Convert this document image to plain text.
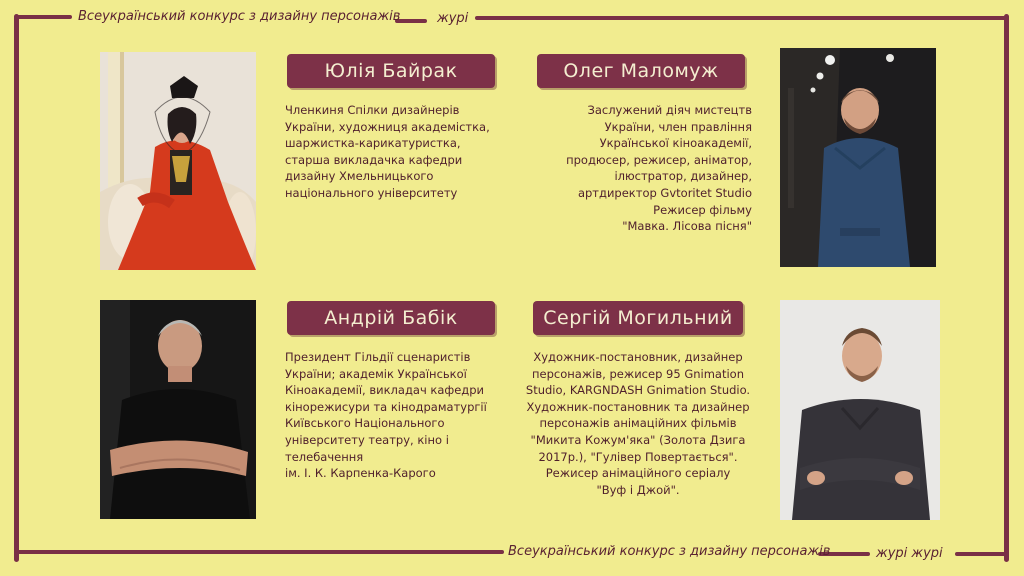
Всеукраїнський конкурс з дизайну персонажів	журі
Всеукраїнський конкурс з дизайну персонажів	журі журі
Юлія Байрак
Членкиня Спілки дизайнерів
України, художниця академістка,
шаржистка-карикатуристка,
старша викладачка кафедри
дизайну Хмельницького
національного університету
Олег Маломуж
Заслужений діяч мистецтв
України, член правління
Української кіноакадемії,
продюсер, режисер, аніматор,
ілюстратор, дизайнер,
артдиректор Gvtoritet Studio
Режисер фільму
"Мавка. Лісова пісня"
Андрій Бабік
Президент Гільдії сценаристів
України; академік Української
Кіноакадемії, викладач кафедри
кінорежисури та кінодраматургії
Київського Національного
університету театру, кіно і
телебачення
ім. І. К. Карпенка-Карого
Сергій Могильний
Художник-постановник, дизайнер
персонажів, режисер 95 Gnimation
Studio, KARGNDASH Gnimation Studio.
Художник-постановник та дизайнер
персонажів анімаційних фільмів
"Микита Кожум'яка" (Золота Дзига
2017р.), "Гулівер Повертається".
Режисер анімаційного серіалу
"Вуф і Джой".
